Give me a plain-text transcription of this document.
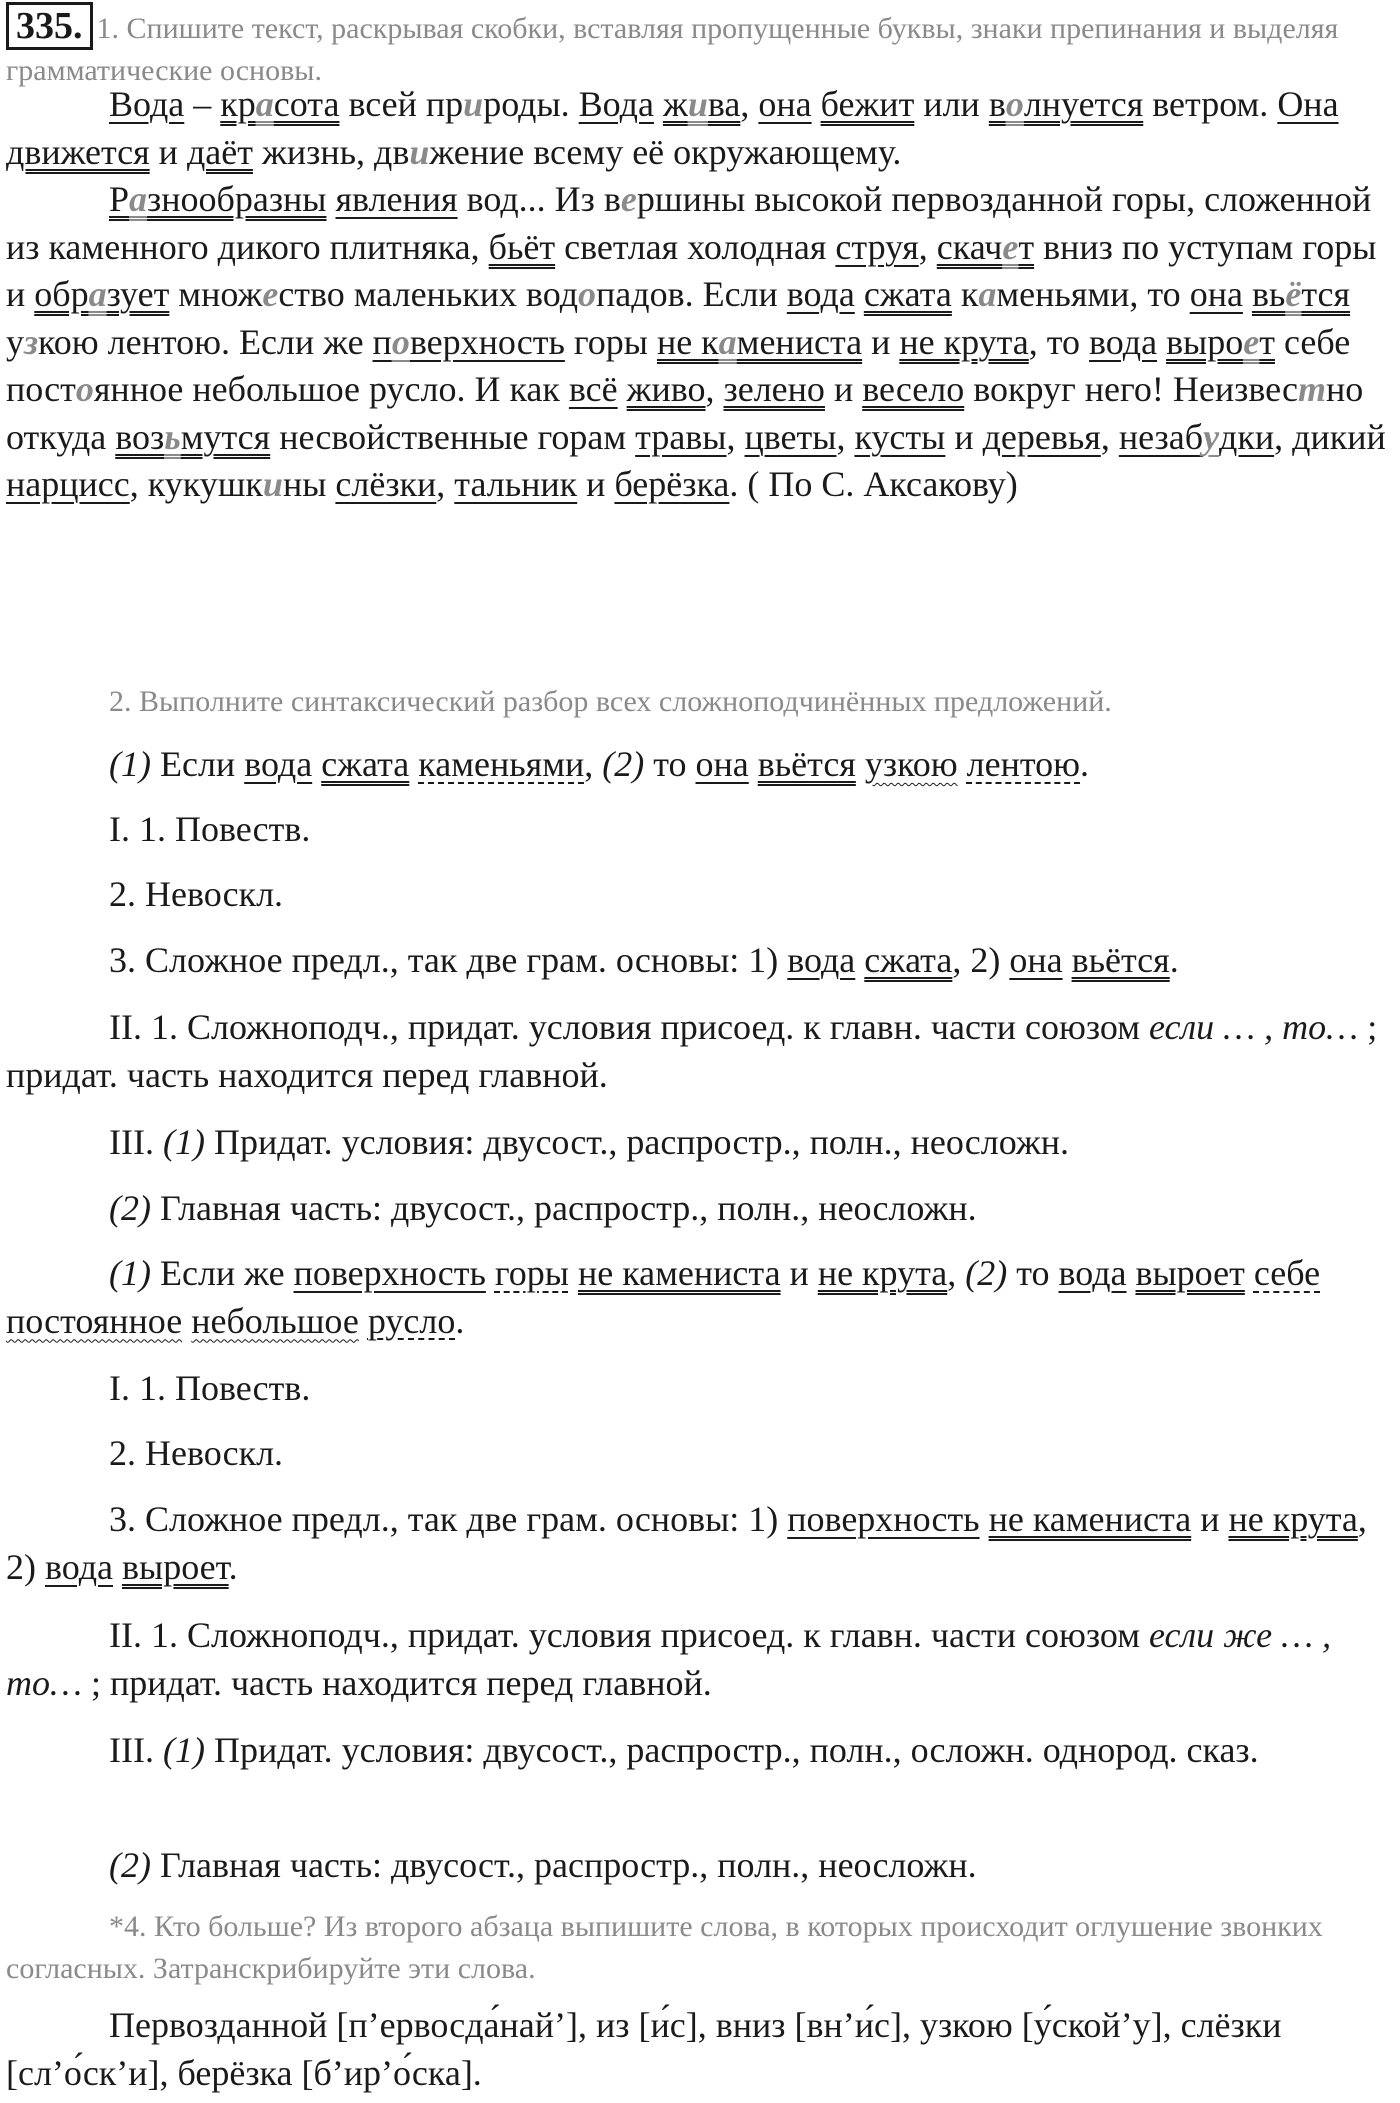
335. 1. Спишите текст, раскрывая скобки, вставляя пропущенные буквы, знаки препинания и выделяя грамматические основы.

Вода – красота всей природы. Вода жива, она бежит или волнуется ветром. Она движется и даёт жизнь, движение всему её окружающему.

Разнообразны явления вод... Из вершины высокой первозданной горы, сложенной из каменного дикого плитняка, бьёт светлая холодная струя, скачет вниз по уступам горы и образует множество маленьких водопадов. Если вода сжата каменьями, то она вьётся узкою лентою. Если же поверхность горы не камениста и не крута, то вода выроет себе постоянное небольшое русло. И как всё живо, зелено и весело вокруг него! Неизвестно откуда возьмутся несвойственные горам травы, цветы, кусты и деревья, незабудки, дикий нарцисс, кукушкины слёзки, тальник и берёзка. ( По С. Аксакову)

2. Выполните синтаксический разбор всех сложноподчинённых предложений.

(1) Если вода сжата каменьями, (2) то она вьётся узкою лентою.

I. 1. Повеств.

2. Невоскл.

3. Сложное предл., так две грам. основы: 1) вода сжата, 2) она вьётся.

II. 1. Сложноподч., придат. условия присоед. к главн. части союзом если … , то… ; придат. часть находится перед главной.

III. (1) Придат. условия: двусост., распростр., полн., неосложн.

(2) Главная часть: двусост., распростр., полн., неосложн.

(1) Если же поверхность горы не камениста и не крута, (2) то вода выроет себе постоянное небольшое русло.

I. 1. Повеств.

2. Невоскл.

3. Сложное предл., так две грам. основы: 1) поверхность не камениста и не крута, 2) вода выроет.

II. 1. Сложноподч., придат. условия присоед. к главн. части союзом если же … , то… ; придат. часть находится перед главной.

III. (1) Придат. условия: двусост., распростр., полн., осложн. однород. сказ.

(2) Главная часть: двусост., распростр., полн., неосложн.

*4. Кто больше? Из второго абзаца выпишите слова, в которых происходит оглушение звонких согласных. Затранскрибируйте эти слова.

Первозданной [п’ервосда́най’], из [и́с], вниз [вн’и́с], узкою [у́ской’у], слёзки [сл’о́ск’и], берёзка [б’ир’о́ска].
